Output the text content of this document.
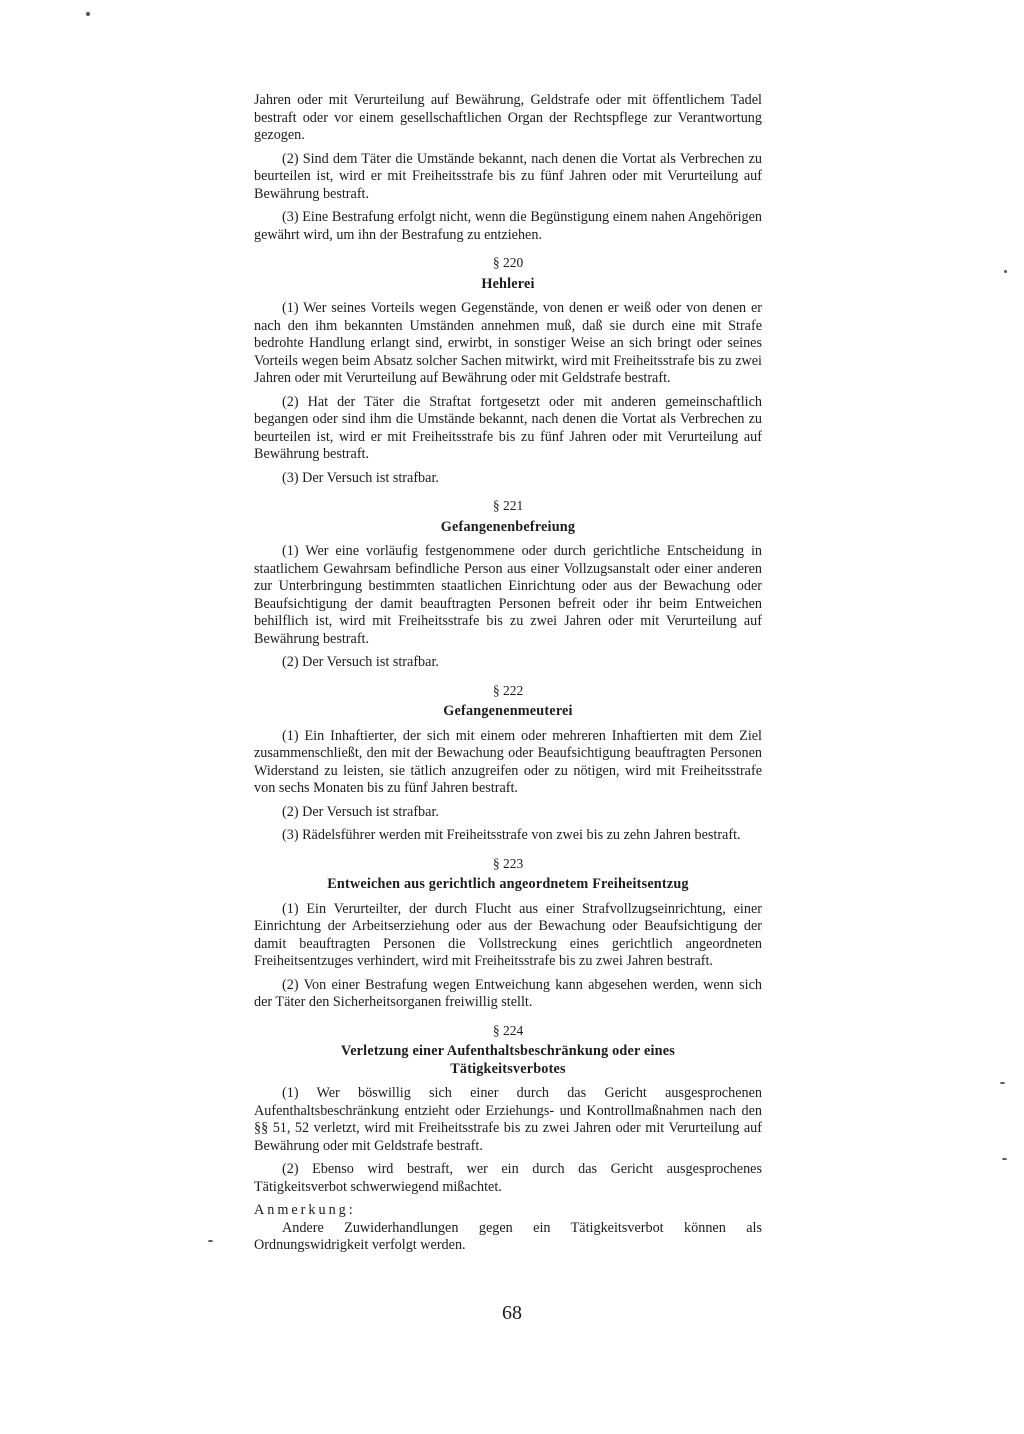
Jahren oder mit Verurteilung auf Bewährung, Geldstrafe oder mit öffentlichem Tadel bestraft oder vor einem gesellschaftlichen Organ der Rechtspflege zur Verantwortung gezogen.

(2) Sind dem Täter die Umstände bekannt, nach denen die Vortat als Verbrechen zu beurteilen ist, wird er mit Freiheitsstrafe bis zu fünf Jahren oder mit Verurteilung auf Bewährung bestraft.

(3) Eine Bestrafung erfolgt nicht, wenn die Begünstigung einem nahen Angehörigen gewährt wird, um ihn der Bestrafung zu entziehen.

§ 220
Hehlerei

(1) Wer seines Vorteils wegen Gegenstände, von denen er weiß oder von denen er nach den ihm bekannten Umständen annehmen muß, daß sie durch eine mit Strafe bedrohte Handlung erlangt sind, erwirbt, in sonstiger Weise an sich bringt oder seines Vorteils wegen beim Absatz solcher Sachen mitwirkt, wird mit Freiheitsstrafe bis zu zwei Jahren oder mit Verurteilung auf Bewährung oder mit Geldstrafe bestraft.

(2) Hat der Täter die Straftat fortgesetzt oder mit anderen gemeinschaftlich begangen oder sind ihm die Umstände bekannt, nach denen die Vortat als Verbrechen zu beurteilen ist, wird er mit Freiheitsstrafe bis zu fünf Jahren oder mit Verurteilung auf Bewährung bestraft.

(3) Der Versuch ist strafbar.

§ 221
Gefangenenbefreiung

(1) Wer eine vorläufig festgenommene oder durch gerichtliche Entscheidung in staatlichem Gewahrsam befindliche Person aus einer Vollzugsanstalt oder einer anderen zur Unterbringung bestimmten staatlichen Einrichtung oder aus der Bewachung oder Beaufsichtigung der damit beauftragten Personen befreit oder ihr beim Entweichen behilflich ist, wird mit Freiheitsstrafe bis zu zwei Jahren oder mit Verurteilung auf Bewährung bestraft.

(2) Der Versuch ist strafbar.

§ 222
Gefangenenmeuterei

(1) Ein Inhaftierter, der sich mit einem oder mehreren Inhaftierten mit dem Ziel zusammenschließt, den mit der Bewachung oder Beaufsichtigung beauftragten Personen Widerstand zu leisten, sie tätlich anzugreifen oder zu nötigen, wird mit Freiheitsstrafe von sechs Monaten bis zu fünf Jahren bestraft.

(2) Der Versuch ist strafbar.

(3) Rädelsführer werden mit Freiheitsstrafe von zwei bis zu zehn Jahren bestraft.

§ 223
Entweichen aus gerichtlich angeordnetem Freiheitsentzug

(1) Ein Verurteilter, der durch Flucht aus einer Strafvollzugseinrichtung, einer Einrichtung der Arbeitserziehung oder aus der Bewachung oder Beaufsichtigung der damit beauftragten Personen die Vollstreckung eines gerichtlich angeordneten Freiheitsentzuges verhindert, wird mit Freiheitsstrafe bis zu zwei Jahren bestraft.

(2) Von einer Bestrafung wegen Entweichung kann abgesehen werden, wenn sich der Täter den Sicherheitsorganen freiwillig stellt.

§ 224
Verletzung einer Aufenthaltsbeschränkung oder eines Tätigkeitsverbotes

(1) Wer böswillig sich einer durch das Gericht ausgesprochenen Aufenthaltsbeschränkung entzieht oder Erziehungs- und Kontrollmaßnahmen nach den §§ 51, 52 verletzt, wird mit Freiheitsstrafe bis zu zwei Jahren oder mit Verurteilung auf Bewährung oder mit Geldstrafe bestraft.

(2) Ebenso wird bestraft, wer ein durch das Gericht ausgesprochenes Tätigkeitsverbot schwerwiegend mißachtet.

Anmerkung:

Andere Zuwiderhandlungen gegen ein Tätigkeitsverbot können als Ordnungswidrigkeit verfolgt werden.

68
